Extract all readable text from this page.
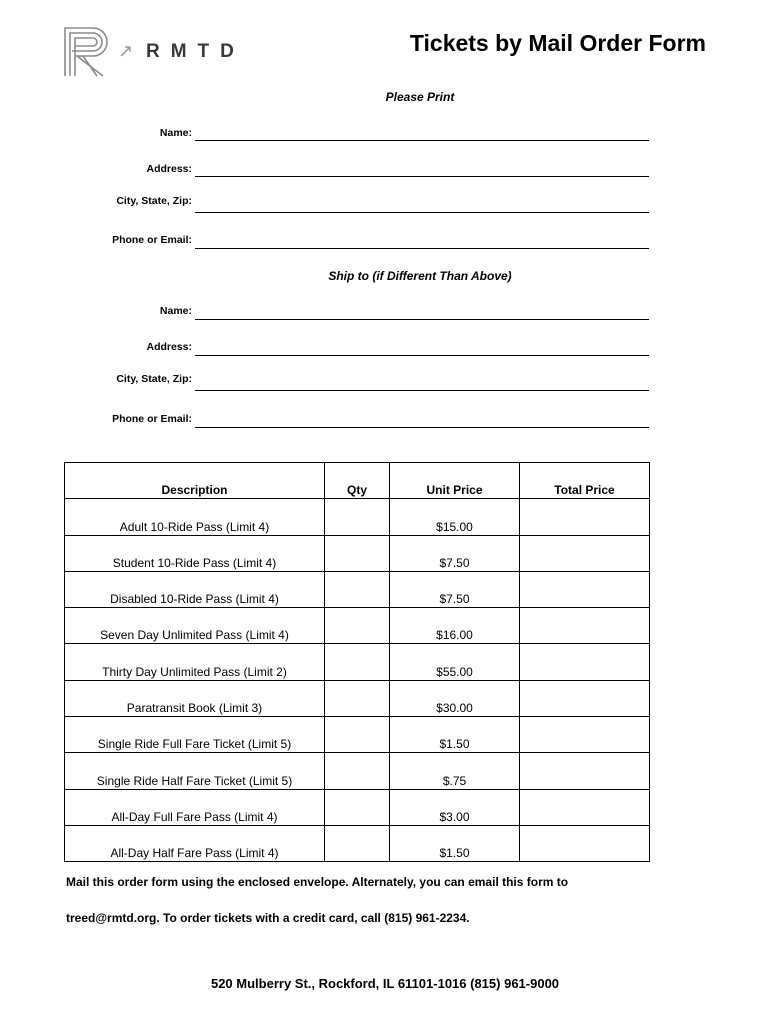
↗ RMTD	Tickets by Mail Order Form
Please Print
Name:
Address:
City, State, Zip:
Phone or Email:
Ship to (if Different Than Above)
Name:
Address:
City, State, Zip:
Phone or Email:
Description	Qty	Unit Price	Total Price
Adult 10-Ride Pass (Limit 4)		$15.00	
Student 10-Ride Pass (Limit 4)		$7.50	
Disabled 10-Ride Pass (Limit 4)		$7.50	
Seven Day Unlimited Pass (Limit 4)		$16.00	
Thirty Day Unlimited Pass (Limit 2)		$55.00	
Paratransit Book (Limit 3)		$30.00	
Single Ride Full Fare Ticket (Limit 5)		$1.50	
Single Ride Half Fare Ticket (Limit 5)		$.75	
All-Day Full Fare Pass (Limit 4)		$3.00	
All-Day Half Fare Pass (Limit 4)		$1.50	
Mail this order form using the enclosed envelope. Alternately, you can email this form to
treed@rmtd.org. To order tickets with a credit card, call (815) 961-2234.
520 Mulberry St., Rockford, IL 61101-1016 (815) 961-9000
